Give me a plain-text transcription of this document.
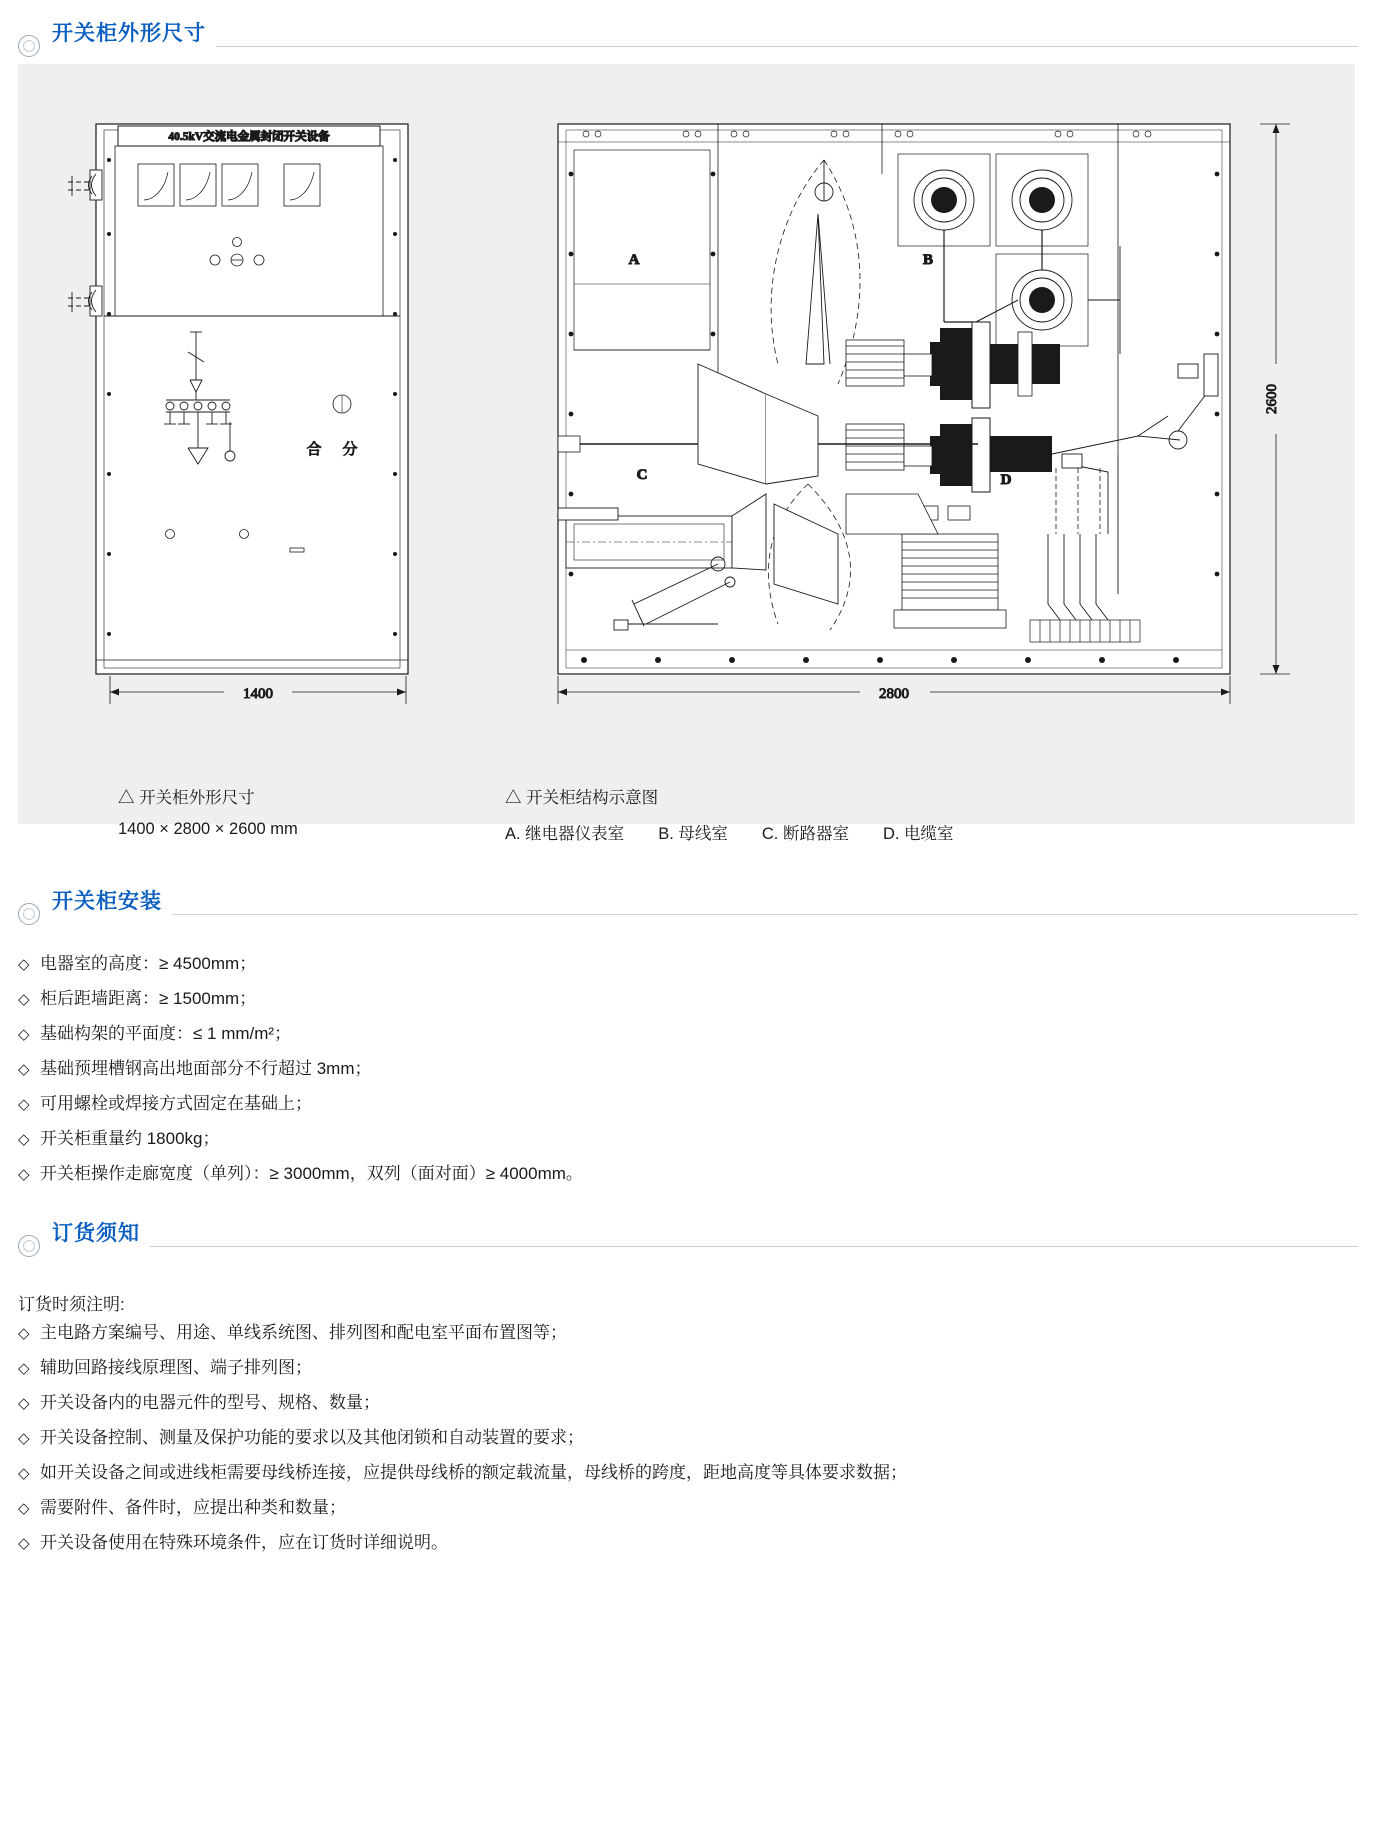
开关柜外形尺寸
40.5kV交流电金属封闭开关设备
合 分
1400
A
C
B
D
2800
2600
△ 开关柜外形尺寸
1400 × 2800 × 2600 mm
△ 开关柜结构示意图
A. 继电器仪表室 B. 母线室 C. 断路器室 D. 电缆室
开关柜安装
◇ 电器室的高度：≥ 4500mm；
◇ 柜后距墙距离：≥ 1500mm；
◇ 基础构架的平面度：≤ 1 mm/m²；
◇ 基础预埋槽钢高出地面部分不行超过 3mm；
◇ 可用螺栓或焊接方式固定在基础上；
◇ 开关柜重量约 1800kg；
◇ 开关柜操作走廊宽度（单列）：≥ 3000mm，双列（面对面）≥ 4000mm。
订货须知
订货时须注明:
◇ 主电路方案编号、用途、单线系统图、排列图和配电室平面布置图等；
◇ 辅助回路接线原理图、端子排列图；
◇ 开关设备内的电器元件的型号、规格、数量；
◇ 开关设备控制、测量及保护功能的要求以及其他闭锁和自动装置的要求；
◇ 如开关设备之间或进线柜需要母线桥连接，应提供母线桥的额定载流量，母线桥的跨度，距地高度等具体要求数据；
◇ 需要附件、备件时，应提出种类和数量；
◇ 开关设备使用在特殊环境条件，应在订货时详细说明。
